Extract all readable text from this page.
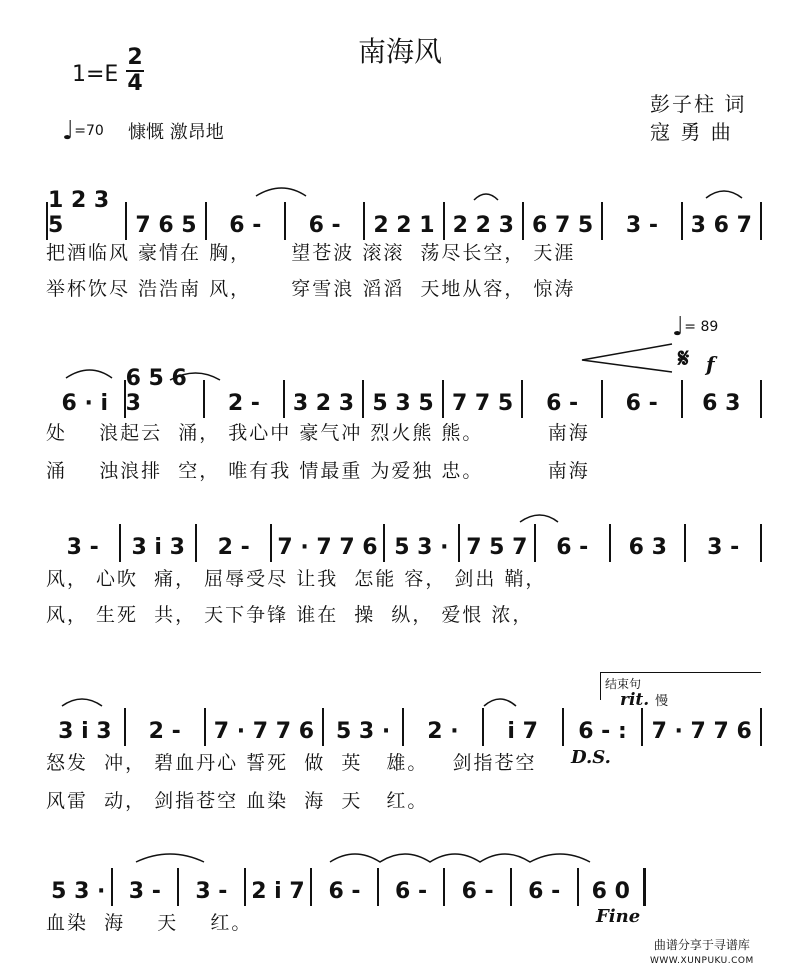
南海风
1=E
2
4
♩=70 慷慨 激昂地
彭子柱 词
寇 勇 曲
1 2 3 5	7 6 5	6 -	6 -	2 2 1 2 2 3 6 7 5	3 -	3 6 7
把酒临风 豪情在 胸，     望苍波 滚滚  荡尽长空， 天涯
举杯饮尽 浩浩南 风，     穿雪浪 滔滔  天地从容， 惊涛
♩= 89
𝄋 f
6 · i
6 5 6 3	2 -	3 2 3 5 3 5 7 7 5	6 -	6 -	6 3
处    浪起云  涌， 我心中 豪气冲 烈火熊 熊。        南海
涌    浊浪排  空， 唯有我 情最重 为爱独 忠。        南海
3 -	3 i 3	2 -	7 · 7 7 6 5 3 · 7 5 7	6 -	6 3	3 -
风， 心吹  痛， 屈辱受尽 让我  怎能 容， 剑出 鞘，
风， 生死  共， 天下争锋 谁在  操  纵， 爱恨 浓，
结束句
rit. 慢
3 i 3	2 -	7 · 7 7 6 5 3 ·	2 ·	i 7	6 - :	7 · 7 7 6
怒发  冲， 碧血丹心 誓死  做  英   雄。   剑指苍空
风雷  动， 剑指苍空 血染  海  天   红。
D.S.
5 3 ·	3 -	3 -	2 i 7	6 -	6 -	6 -	6 -	6 0
血染  海    天    红。	Fine
曲谱分享于寻谱库
WWW.XUNPUKU.COM
